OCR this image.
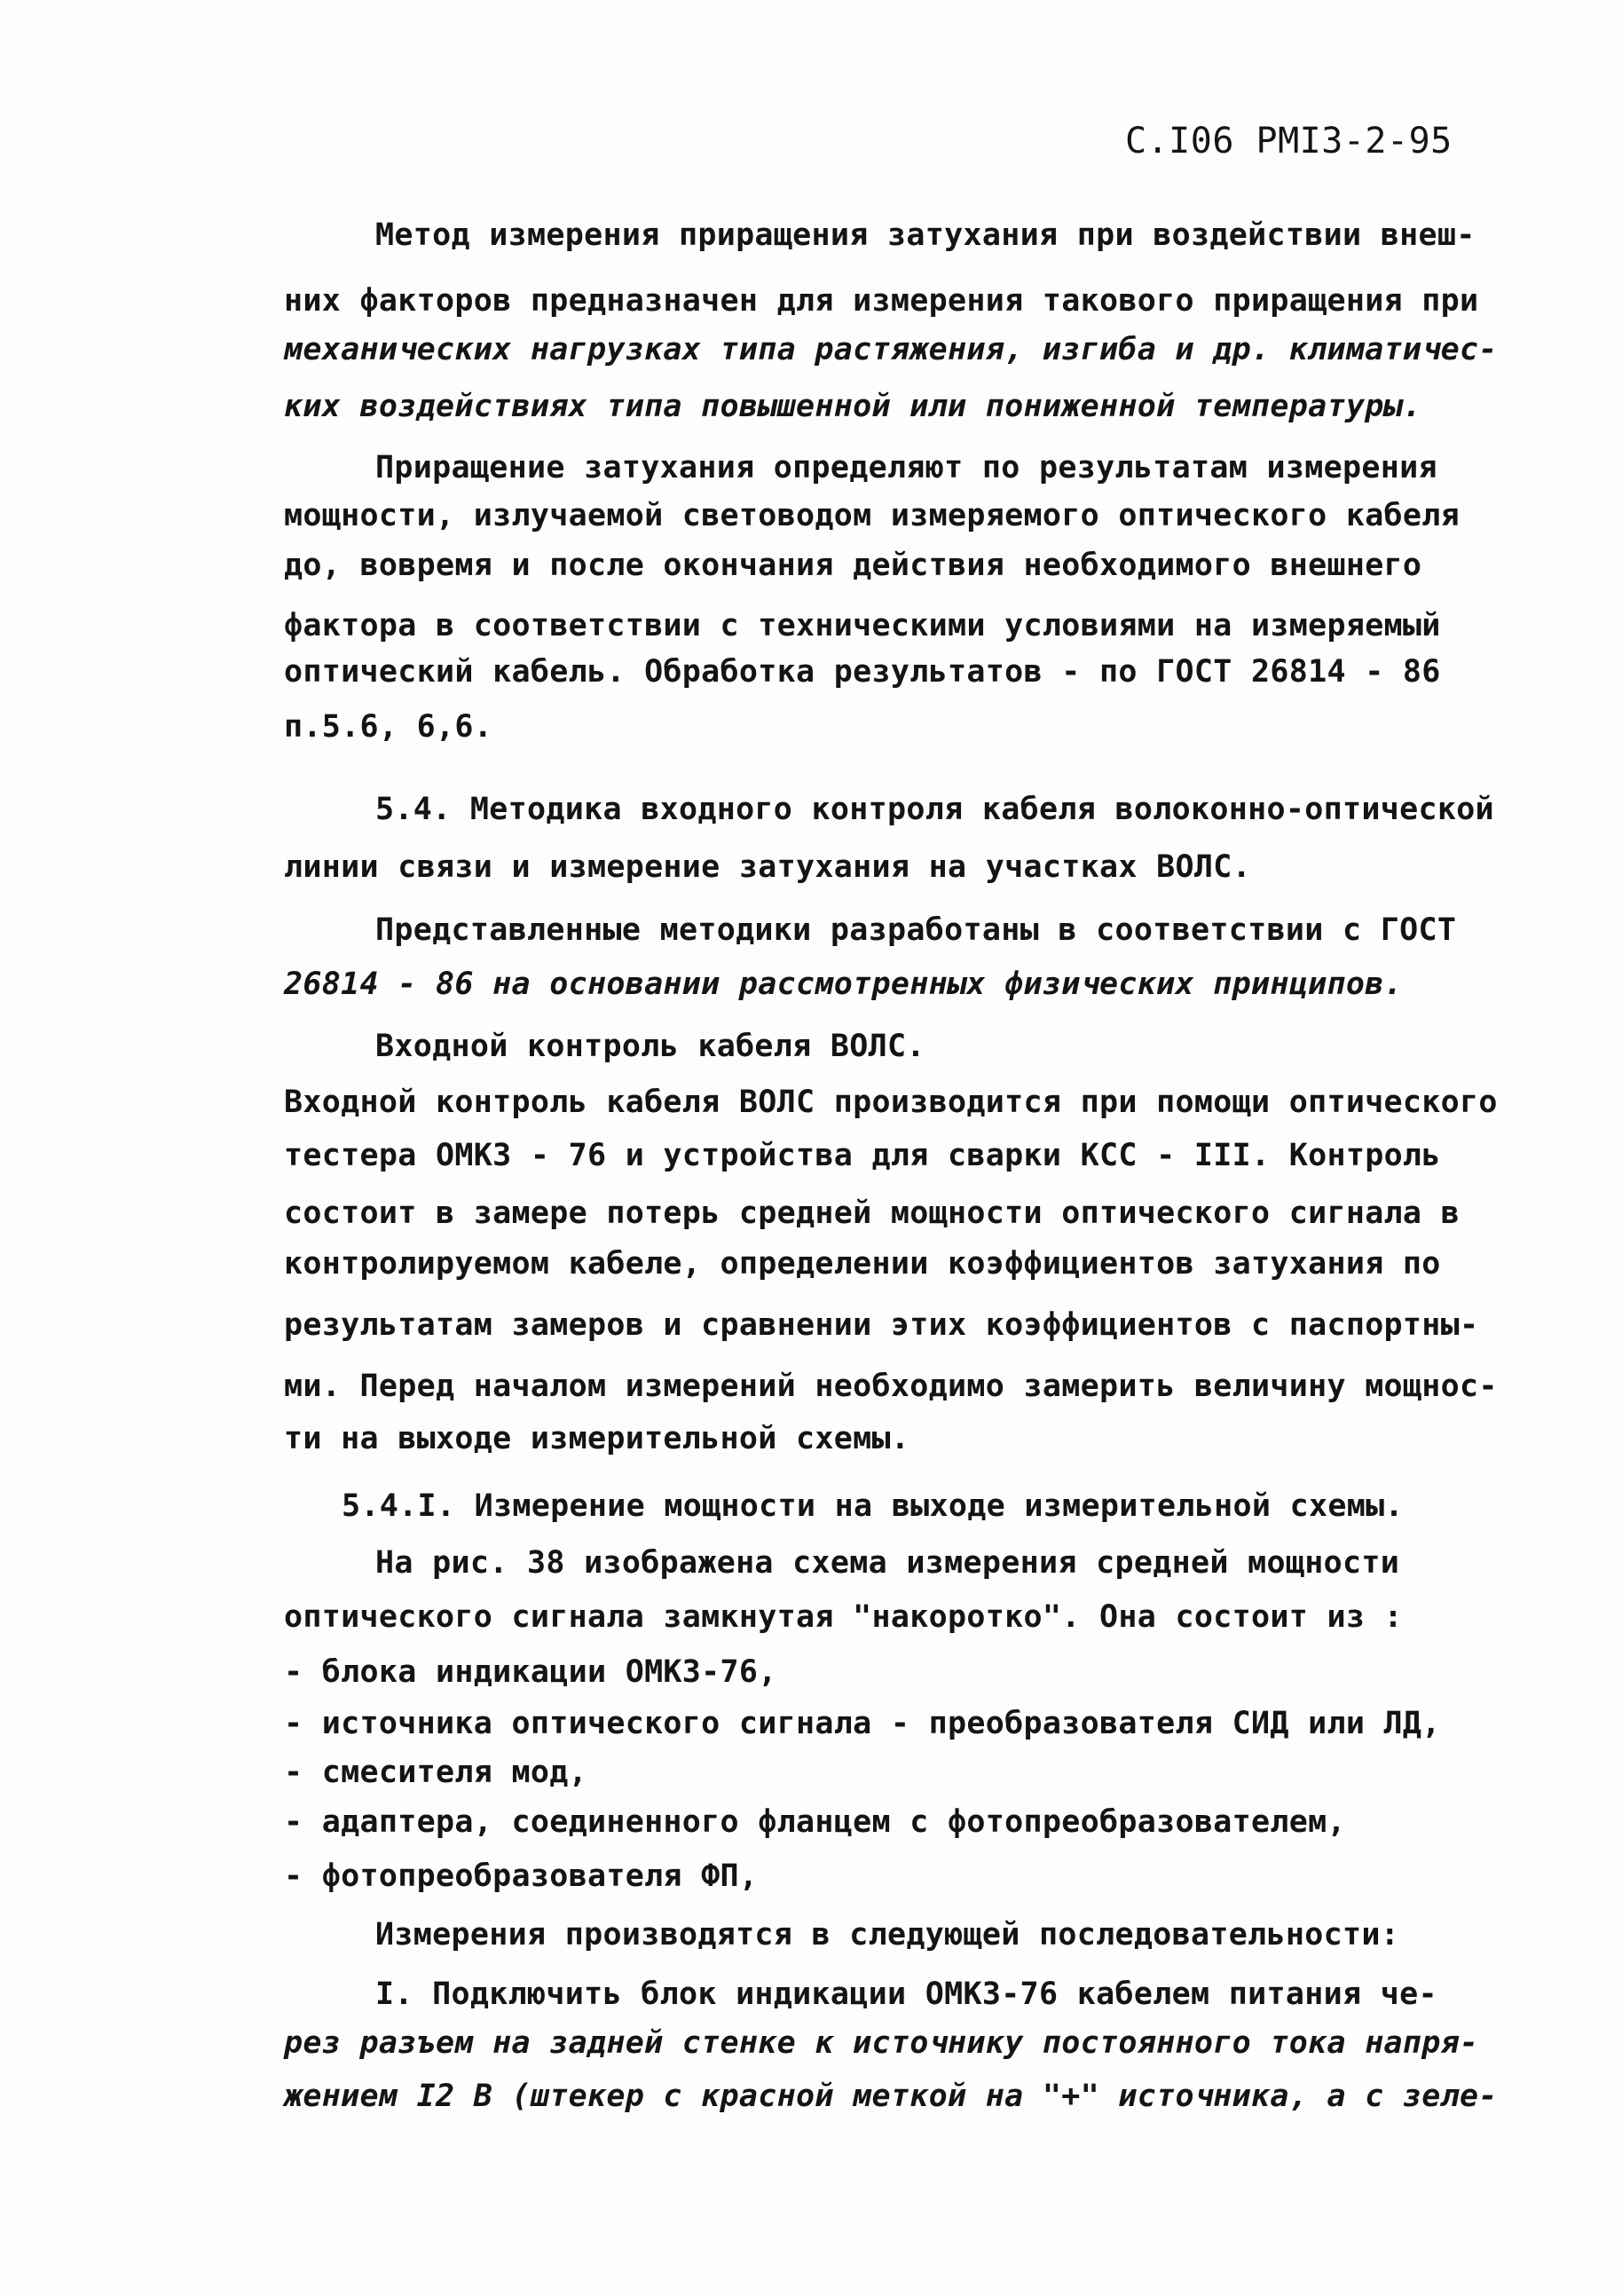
С.I06 РМI3-2-95
Метод измерения приращения затухания при воздействии внеш-
них факторов предназначен для измерения такового приращения при
механических нагрузках типа растяжения, изгиба и др. климатичес-
ких воздействиях типа повышенной или пониженной температуры.
Приращение затухания определяют по результатам измерения
мощности, излучаемой световодом измеряемого оптического кабеля
до, вовремя и после окончания действия необходимого внешнего
фактора в соответствии с техническими условиями на измеряемый
оптический кабель. Обработка результатов - по ГОСТ 26814 - 86
п.5.6, 6,6.
5.4. Методика входного контроля кабеля волоконно-оптической
линии связи и измерение затухания на участках ВОЛС.
Представленные методики разработаны в соответствии с ГОСТ
26814 - 86 на основании рассмотренных физических принципов.
Входной контроль кабеля ВОЛС.
Входной контроль кабеля ВОЛС производится при помощи оптического
тестера ОМКЗ - 76 и устройства для сварки КСС - III. Контроль
состоит в замере потерь средней мощности оптического сигнала в
контролируемом кабеле, определении коэффициентов затухания по
результатам замеров и сравнении этих коэффициентов с паспортны-
ми. Перед началом измерений необходимо замерить величину мощнос-
ти на выходе измерительной схемы.
5.4.I. Измерение мощности на выходе измерительной схемы.
На рис. 38 изображена схема измерения средней мощности
оптического сигнала замкнутая "накоротко". Она состоит из :
- блока индикации ОМКЗ-76,
- источника оптического сигнала - преобразователя СИД или ЛД,
- смесителя мод,
- адаптера, соединенного фланцем с фотопреобразователем,
- фотопреобразователя ФП,
Измерения производятся в следующей последовательности:
I. Подключить блок индикации ОМКЗ-76 кабелем питания че-
рез разъем на задней стенке к источнику постоянного тока напря-
жением I2 В (штекер с красной меткой на "+" источника, а с зеле-
